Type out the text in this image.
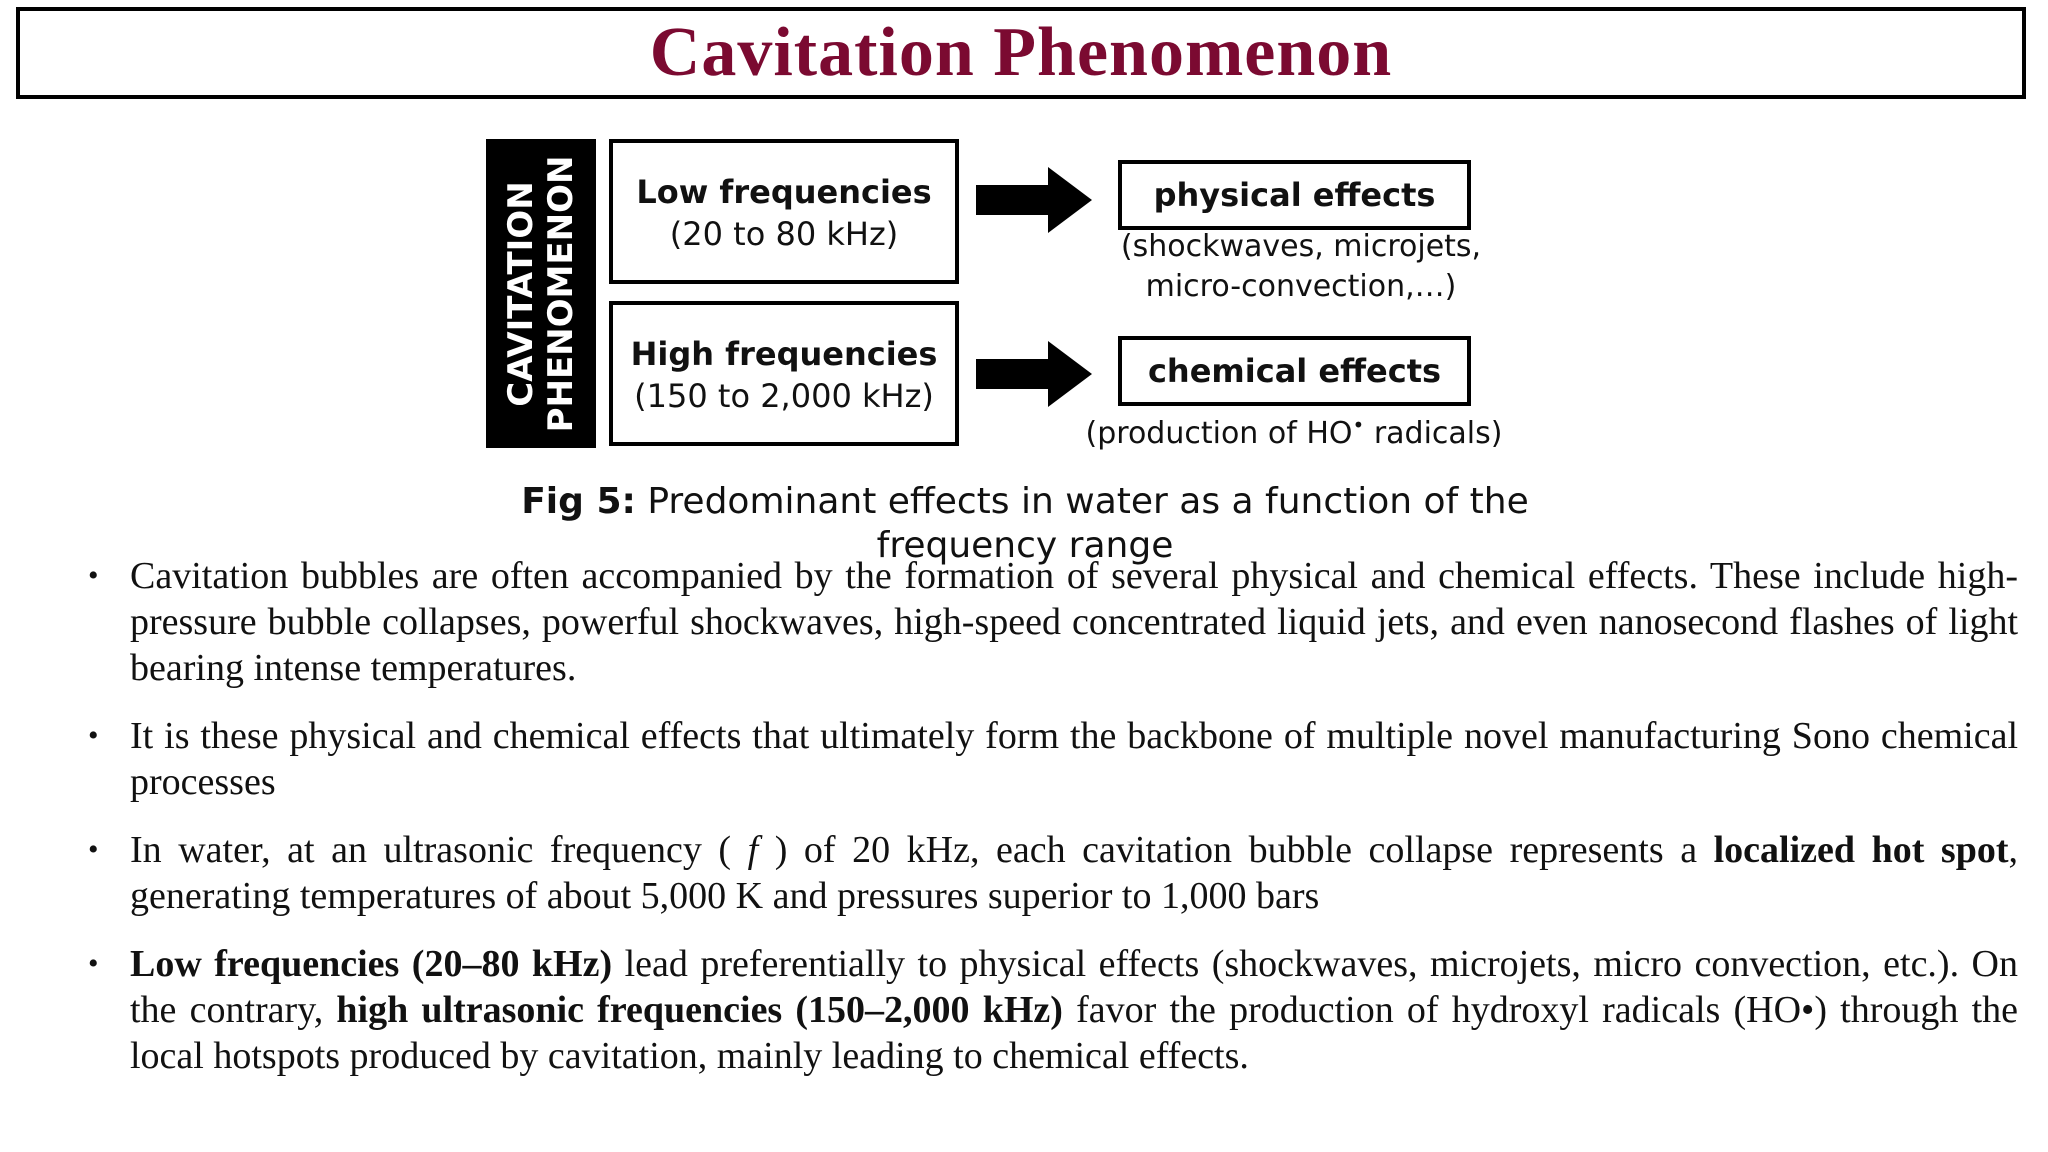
Cavitation Phenomenon
CAVITATION PHENOMENON	Low frequencies
(20 to 80 kHz)
High frequencies
(150 to 2,000 kHz)
physical effects
(shockwaves, microjets,
micro-convection,…)
chemical effects
(production of HO• radicals)
Fig 5: Predominant effects in water as a function of the
frequency range
• Cavitation bubbles are often accompanied by the formation of several physical and chemical effects. These include high-pressure bubble collapses, powerful shockwaves, high-speed concentrated liquid jets, and even nanosecond flashes of light bearing intense temperatures.
• It is these physical and chemical effects that ultimately form the backbone of multiple novel manufacturing Sono chemical processes
• In water, at an ultrasonic frequency ( f ) of 20 kHz, each cavitation bubble collapse represents a localized hot spot, generating temperatures of about 5,000 K and pressures superior to 1,000 bars
• Low frequencies (20–80 kHz) lead preferentially to physical effects (shockwaves, microjets, micro convection, etc.). On the contrary, high ultrasonic frequencies (150–2,000 kHz) favor the production of hydroxyl radicals (HO•) through the local hotspots produced by cavitation, mainly leading to chemical effects.
